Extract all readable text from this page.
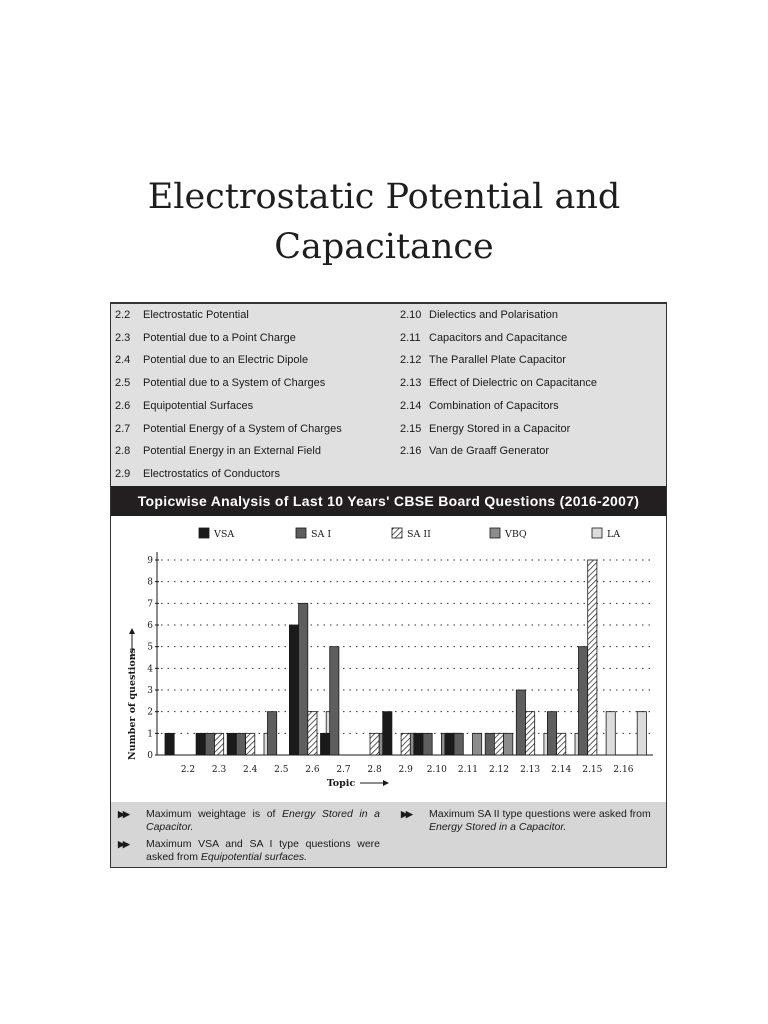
Electrostatic Potential and
Capacitance
2.2 Electrostatic Potential
2.3 Potential due to a Point Charge
2.4 Potential due to an Electric Dipole
2.5 Potential due to a System of Charges
2.6 Equipotential Surfaces
2.7 Potential Energy of a System of Charges
2.8 Potential Energy in an External Field
2.9 Electrostatics of Conductors
2.10 Dielectics and Polarisation
2.11 Capacitors and Capacitance
2.12 The Parallel Plate Capacitor
2.13 Effect of Dielectric on Capacitance
2.14 Combination of Capacitors
2.15 Energy Stored in a Capacitor
2.16 Van de Graaff Generator
Topicwise Analysis of Last 10 Years' CBSE Board Questions (2016-2007)
0
1
2
3
4
5
6
7
8
9
2.2 2.3 2.4 2.5 2.6 2.7 2.8 2.9 2.10 2.11 2.12 2.13 2.14 2.15 2.16
VSA	SA I	SA II	VBQ	LA
Topic
Number of questions
▶▶ Maximum weightage is of Energy Stored in a Capacitor.
▶▶ Maximum VSA and SA I type questions were asked from Equipotential surfaces.
▶▶ Maximum SA II type questions were asked from Energy Stored in a Capacitor.
